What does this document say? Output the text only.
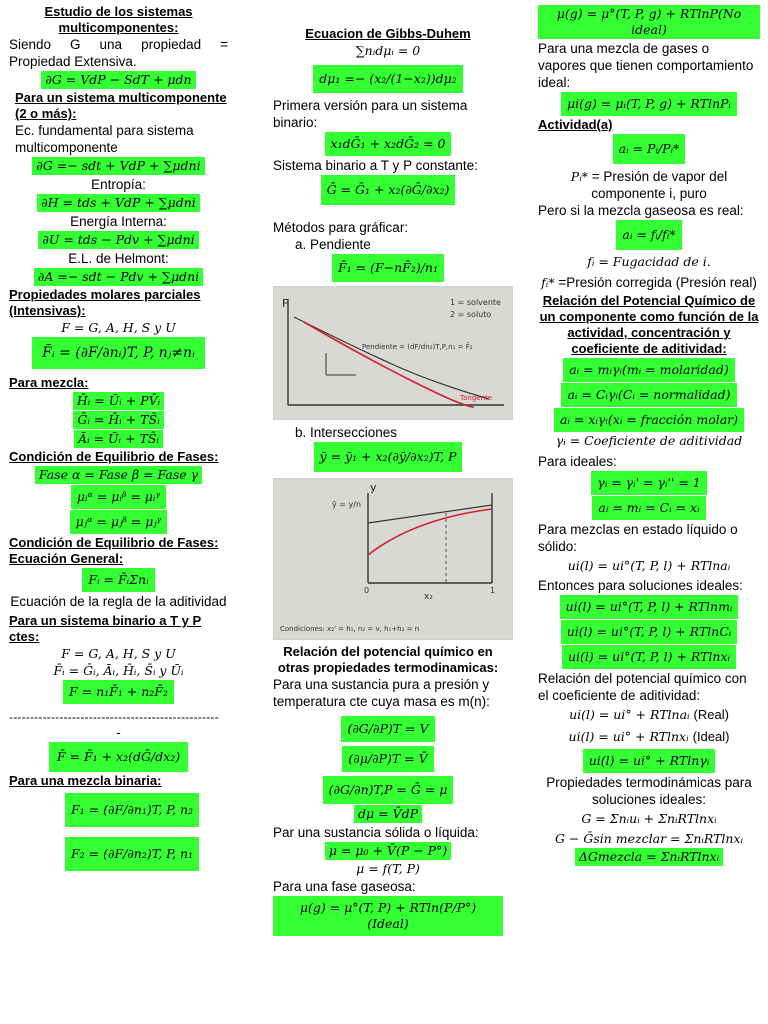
Estudio de los sistemas multicomponentes:
Siendo G una propiedad = Propiedad Extensiva.
∂G = VdP − SdT + μdn
Para un sistema multicomponente (2 o más):
Ec. fundamental para sistema multicomponente
∂G =− sdt + VdP + ∑μdni
Entropía:
∂H = tds + VdP + ∑μdni
Energía Interna:
∂U = tds − Pdv + ∑μdni
E.L. de Helmont:
∂A =− sdt − Pdv + ∑μdni
Propiedades molares parciales (Intensivas):
F = G, A, H, S y U
F̄ᵢ = (∂F/∂nᵢ)T, P, nⱼ≠nᵢ
Para mezcla:
H̄ᵢ = Ūᵢ + PV̄ᵢ
Ḡᵢ = H̄ᵢ + TS̄ᵢ
Āᵢ = Ūᵢ + TS̄ᵢ
Condición de Equilibrio de Fases:
Fase α = Fase β = Fase γ
μᵢᵅ = μᵢᵝ = μᵢᵞ
μⱼᵅ = μⱼᵝ = μⱼᵞ
Condición de Equilibrio de Fases:
Ecuación General:
Fᵢ = F̄ᵢΣnᵢ
Ecuación de la regla de la aditividad
Para un sistema binario a T y P ctes:
F = G, A, H, S y U
F̄ᵢ = Ḡᵢ, Āᵢ, H̄ᵢ, S̄ᵢ y Ūᵢ
F = n₁F̄₁ + n₂F̄₂
--------------------------------------------------
-
F̄ = F̄₁ + x₂(dḠ/dx₂)
Para una mezcla binaria:
F₁ = (∂F/∂n₁)T, P, n₂
F₂ = (∂F/∂n₂)T, P, n₁
Ecuacion de Gibbs-Duhem
∑nᵢdμᵢ = 0
dμ₁ =− (x₂/(1−x₂))dμ₂
Primera versión para un sistema binario:
x₁dḠ₁ + x₂dḠ₂ = 0
Sistema binario a T y P constante:
Ḡ = Ḡ₁ + x₂(∂Ḡ/∂x₂)
Métodos para gráficar:
a. Pendiente
F̄₁ = (F−nF̄₂)/n₁
F	1 = solvente
2 = soluto
Pendiente = (dF/dn₂)T,P,n₁ = F̄₂
Tangente
b. Intersecciones
ȳ = ȳ₁ + x₂(∂ȳ/∂x₂)T, P
y
ȳ = y/n
x₂
0	1
Condiciones: x₂' = h₁, n₂ = v, h₁+h₂ = n
Relación del potencial químico en otras propiedades termodinamicas:
Para una sustancia pura a presión y temperatura cte cuya masa es m(n):
(∂G/∂P)T = V
(∂μ/∂P)T = V̄
(∂G/∂n)T,P = Ḡ = μ
dμ = V̄dP
Par una sustancia sólida o líquida:
μ = μ₀ + V̄(P − P°)
μ = f(T, P)
Para una fase gaseosa:
μ(g) = μ°(T, P) + RTln(P/P°) (Ideal)
μ(g) = μ°(T, P, g) + RTlnP(No ideal)
Para una mezcla de gases o vapores que tienen comportamiento ideal:
μi(g) = μᵢ(T, P, g) + RTlnPᵢ
Actividad(a)
aᵢ = Pᵢ/Pᵢ*
Pᵢ* = Presión de vapor del componente i, puro
Pero si la mezcla gaseosa es real:
aᵢ = fᵢ/fᵢ*
fᵢ = Fugacidad de i.
fᵢ* =Presión corregida (Presión real)
Relación del Potencial Químico de un componente como función de la actividad, concentración y coeficiente de aditividad:
aᵢ = mᵢγᵢ(mᵢ = molaridad)
aᵢ = Cᵢγᵢ(Cᵢ = normalidad)
aᵢ = xᵢγᵢ(xᵢ = fracción molar)
γᵢ = Coeficiente de aditividad
Para ideales:
γᵢ = γᵢ' = γᵢ'' = 1
aᵢ = mᵢ = Cᵢ = xᵢ
Para mezclas en estado líquido o sólido:
ui(l) = ui°(T, P, l) + RTlnaᵢ
Entonces para soluciones ideales:
ui(l) = ui°(T, P, l) + RTlnmᵢ
ui(l) = ui°(T, P, l) + RTlnCᵢ
ui(l) = ui°(T, P, l) + RTlnxᵢ
Relación del potencial químico con el coeficiente de aditividad:
ui(l) = ui° + RTlnaᵢ (Real)
ui(l) = ui° + RTlnxᵢ (Ideal)
ui(l) = ui° + RTlnγᵢ
Propiedades termodinámicas para soluciones ideales:
G = Σnᵢuᵢ + ΣnᵢRTlnxᵢ
G − Ḡsin mezclar = ΣnᵢRTlnxᵢ
ΔGmezcla = ΣnᵢRTlnxᵢ
